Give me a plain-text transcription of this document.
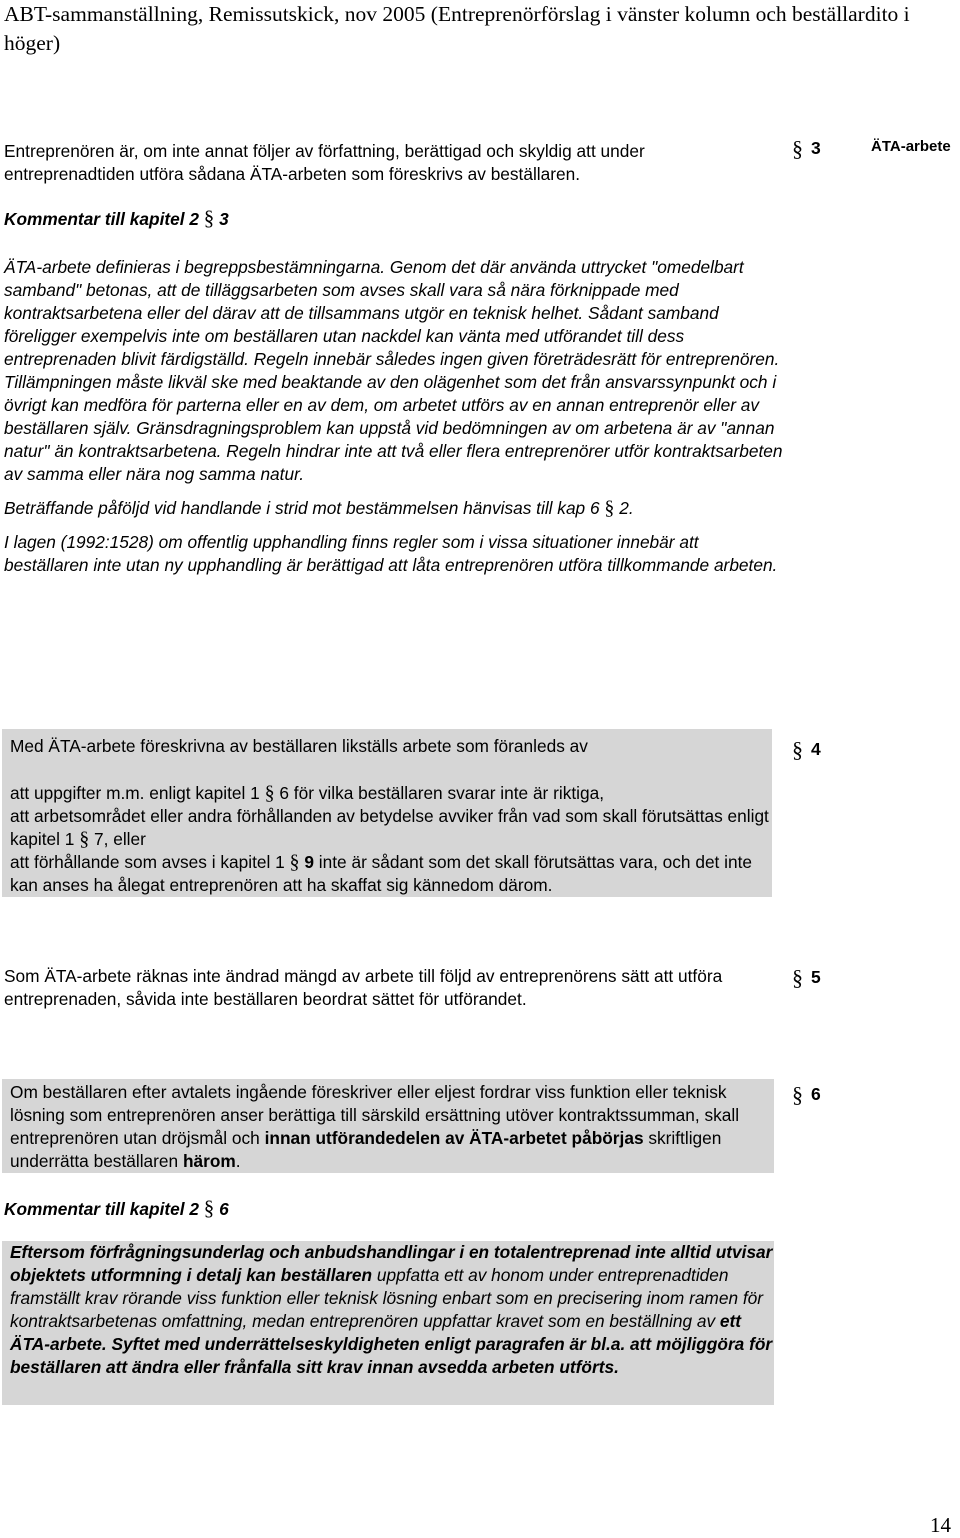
ABT-sammanställning, Remissutskick, nov 2005 (Entreprenörförslag i vänster kolumn och beställardito i höger)
Entreprenören är, om inte annat följer av författning, berättigad och skyldig att under entreprenadtiden utföra sådana ÄTA-arbeten som föreskrivs av beställaren.
§ 3	ÄTA-arbete
Kommentar till kapitel 2 § 3
ÄTA-arbete definieras i begreppsbestämningarna. Genom det där använda uttrycket "omedelbart samband" betonas, att de tilläggsarbeten som avses skall vara så nära förknippade med kontraktsarbetena eller del därav att de tillsammans utgör en teknisk helhet. Sådant samband föreligger exempelvis inte om beställaren utan nackdel kan vänta med utförandet till dess entreprenaden blivit färdigställd. Regeln innebär således ingen given företrädesrätt för entreprenören. Tillämpningen måste likväl ske med beaktande av den olägenhet som det från ansvarssynpunkt och i övrigt kan medföra för parterna eller en av dem, om arbetet utförs av en annan entreprenör eller av beställaren själv. Gränsdragningsproblem kan uppstå vid bedömningen av om arbetena är av "annan natur" än kontraktsarbetena. Regeln hindrar inte att två eller flera entreprenörer utför kontraktsarbeten av samma eller nära nog samma natur.
Beträffande påföljd vid handlande i strid mot bestämmelsen hänvisas till kap 6 § 2.
I lagen (1992:1528) om offentlig upphandling finns regler som i vissa situationer innebär att beställaren inte utan ny upphandling är berättigad att låta entreprenören utföra tillkommande arbeten.
Med ÄTA-arbete föreskrivna av beställaren likställs arbete som föranleds av
att uppgifter m.m. enligt kapitel 1 § 6 för vilka beställaren svarar inte är riktiga,
att arbetsområdet eller andra förhållanden av betydelse avviker från vad som skall förutsättas enligt kapitel 1 § 7, eller
att förhållande som avses i kapitel 1 § 9 inte är sådant som det skall förutsättas vara, och det inte kan anses ha ålegat entreprenören att ha skaffat sig kännedom därom.
§ 4
Som ÄTA-arbete räknas inte ändrad mängd av arbete till följd av entreprenörens sätt att utföra entreprenaden, såvida inte beställaren beordrat sättet för utförandet.
§ 5
Om beställaren efter avtalets ingående föreskriver eller eljest fordrar viss funktion eller teknisk lösning som entreprenören anser berättiga till särskild ersättning utöver kontraktssumman, skall entreprenören utan dröjsmål och innan utförandedelen av ÄTA-arbetet påbörjas skriftligen underrätta beställaren härom.
§ 6
Kommentar till kapitel 2 § 6
Eftersom förfrågningsunderlag och anbudshandlingar i en totalentreprenad inte alltid utvisar objektets utformning i detalj kan beställaren uppfatta ett av honom under entreprenadtiden framställt krav rörande viss funktion eller teknisk lösning enbart som en precisering inom ramen för kontraktsarbetenas omfattning, medan entreprenören uppfattar kravet som en beställning av ett ÄTA-arbete. Syftet med underrättelseskyldigheten enligt paragrafen är bl.a. att möjliggöra för beställaren att ändra eller frånfalla sitt krav innan avsedda arbeten utförts.
14
